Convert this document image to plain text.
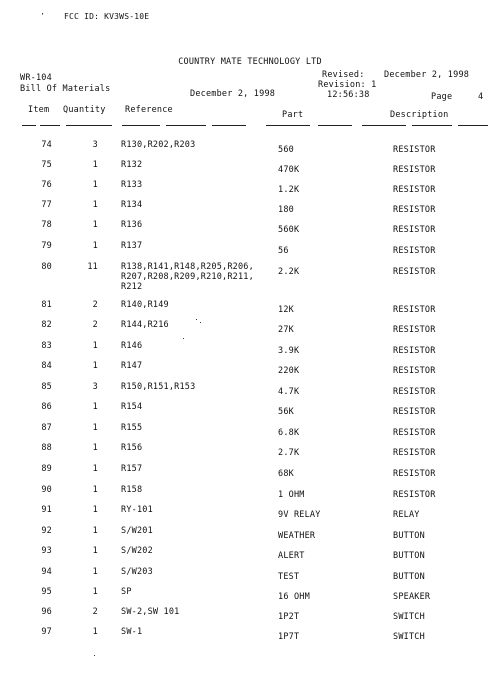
· FCC ID: KV3WS-10E
COUNTRY MATE TECHNOLOGY LTD
WR-104
Bill Of Materials	December 2, 1998
Revised: December 2, 1998
Revision: 1
12:56:38	Page	4
Item Quantity Reference	Part	Description
74	3	R130,R202,R203	560	RESISTOR
75	1	R132	470K	RESISTOR
76	1	R133	1.2K	RESISTOR
77	1	R134	180	RESISTOR
78	1	R136	560K	RESISTOR
79	1	R137	56	RESISTOR
80	11	R138,R141,R148,R205,R206,
R207,R208,R209,R210,R211,
R212
2.2K	RESISTOR
81	2	R140,R149	12K	RESISTOR
82	2	R144,R216	27K	RESISTOR
83	1	R146	3.9K	RESISTOR
84	1	R147	220K	RESISTOR
85	3	R150,R151,R153	4.7K	RESISTOR
86	1	R154	56K	RESISTOR
87	1	R155	6.8K	RESISTOR
88	1	R156	2.7K	RESISTOR
89	1	R157	68K	RESISTOR
90	1	R158	1 OHM	RESISTOR
91	1	RY-101	9V RELAY	RELAY
92	1	S/W201	WEATHER	BUTTON
93	1	S/W202	ALERT	BUTTON
94	1	S/W203	TEST	BUTTON
95	1	SP	16 OHM	SPEAKER
96	2	SW-2,SW 101	1P2T	SWITCH
97	1	SW-1	1P7T	SWITCH
